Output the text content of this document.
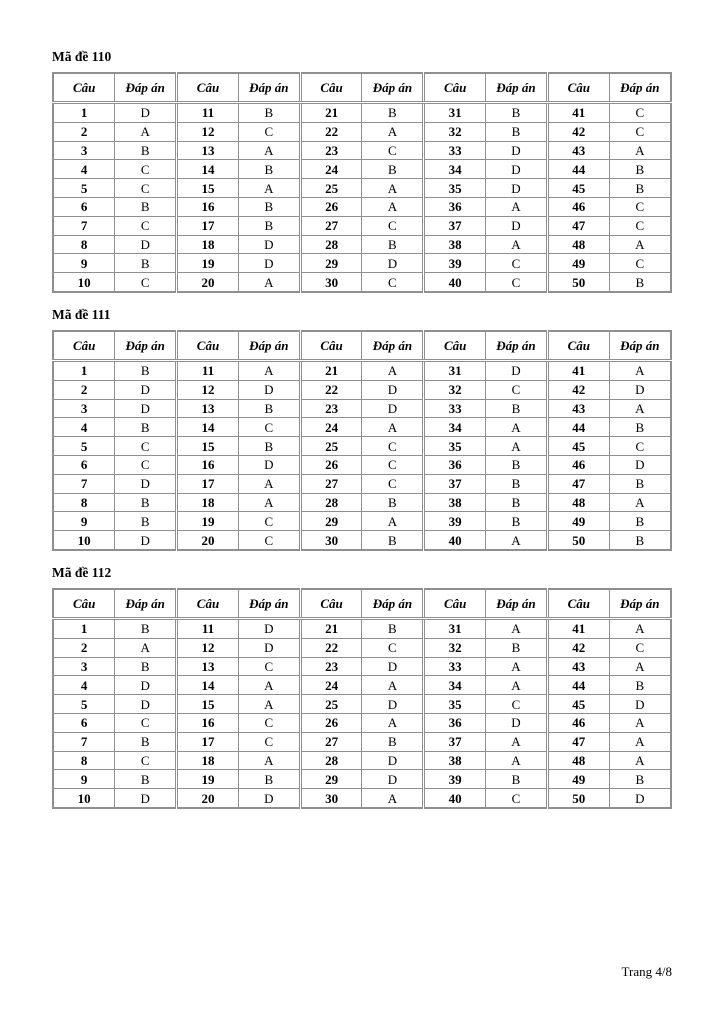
Mã đề 110
Câu	Đáp án	Câu	Đáp án	Câu	Đáp án	Câu	Đáp án	Câu	Đáp án
1	D	11	B	21	B	31	B	41	C
2	A	12	C	22	A	32	B	42	C
3	B	13	A	23	C	33	D	43	A
4	C	14	B	24	B	34	D	44	B
5	C	15	A	25	A	35	D	45	B
6	B	16	B	26	A	36	A	46	C
7	C	17	B	27	C	37	D	47	C
8	D	18	D	28	B	38	A	48	A
9	B	19	D	29	D	39	C	49	C
10	C	20	A	30	C	40	C	50	B
Mã đề 111
Câu	Đáp án	Câu	Đáp án	Câu	Đáp án	Câu	Đáp án	Câu	Đáp án
1	B	11	A	21	A	31	D	41	A
2	D	12	D	22	D	32	C	42	D
3	D	13	B	23	D	33	B	43	A
4	B	14	C	24	A	34	A	44	B
5	C	15	B	25	C	35	A	45	C
6	C	16	D	26	C	36	B	46	D
7	D	17	A	27	C	37	B	47	B
8	B	18	A	28	B	38	B	48	A
9	B	19	C	29	A	39	B	49	B
10	D	20	C	30	B	40	A	50	B
Mã đề 112
Câu	Đáp án	Câu	Đáp án	Câu	Đáp án	Câu	Đáp án	Câu	Đáp án
1	B	11	D	21	B	31	A	41	A
2	A	12	D	22	C	32	B	42	C
3	B	13	C	23	D	33	A	43	A
4	D	14	A	24	A	34	A	44	B
5	D	15	A	25	D	35	C	45	D
6	C	16	C	26	A	36	D	46	A
7	B	17	C	27	B	37	A	47	A
8	C	18	A	28	D	38	A	48	A
9	B	19	B	29	D	39	B	49	B
10	D	20	D	30	A	40	C	50	D
Trang 4/8
